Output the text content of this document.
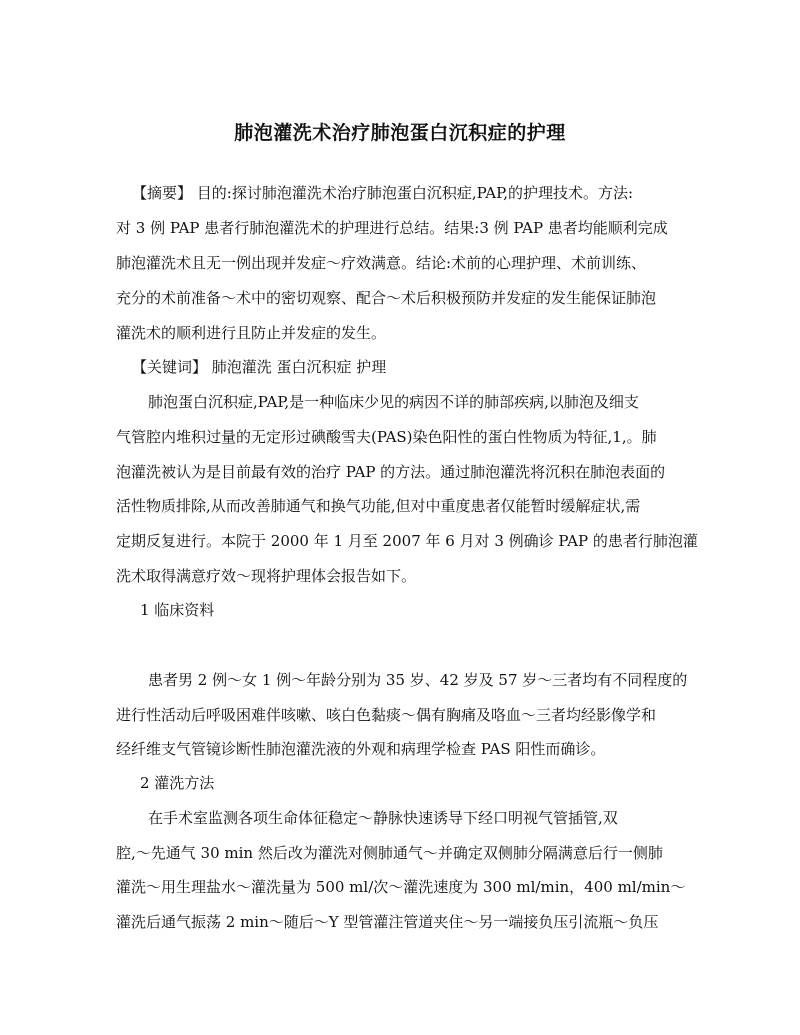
肺泡灌洗术治疗肺泡蛋白沉积症的护理
【摘要】 目的:探讨肺泡灌洗术治疗肺泡蛋白沉积症,PAP,的护理技术。方法:
对 3 例 PAP 患者行肺泡灌洗术的护理进行总结。结果:3 例 PAP 患者均能顺利完成
肺泡灌洗术且无一例出现并发症～疗效满意。结论:术前的心理护理、术前训练、
充分的术前准备～术中的密切观察、配合～术后积极预防并发症的发生能保证肺泡
灌洗术的顺利进行且防止并发症的发生。
【关键词】 肺泡灌洗 蛋白沉积症 护理
肺泡蛋白沉积症,PAP,是一种临床少见的病因不详的肺部疾病,以肺泡及细支
气管腔内堆积过量的无定形过碘酸雪夫(PAS)染色阳性的蛋白性物质为特征,1,。肺
泡灌洗被认为是目前最有效的治疗 PAP 的方法。通过肺泡灌洗将沉积在肺泡表面的
活性物质排除,从而改善肺通气和换气功能,但对中重度患者仅能暂时缓解症状,需
定期反复进行。本院于 2000 年 1 月至 2007 年 6 月对 3 例确诊 PAP 的患者行肺泡灌
洗术取得满意疗效～现将护理体会报告如下。
1 临床资料
患者男 2 例～女 1 例～年龄分别为 35 岁、42 岁及 57 岁～三者均有不同程度的
进行性活动后呼吸困难伴咳嗽、咳白色黏痰～偶有胸痛及咯血～三者均经影像学和
经纤维支气管镜诊断性肺泡灌洗液的外观和病理学检查 PAS 阳性而确诊。
2 灌洗方法
在手术室监测各项生命体征稳定～静脉快速诱导下经口明视气管插管,双
腔,～先通气 30 min 然后改为灌洗对侧肺通气～并确定双侧肺分隔满意后行一侧肺
灌洗～用生理盐水～灌洗量为 500 ml/次～灌洗速度为 300 ml/min，400 ml/min～
灌洗后通气振荡 2 min～随后～Y 型管灌注管道夹住～另一端接负压引流瓶～负压
